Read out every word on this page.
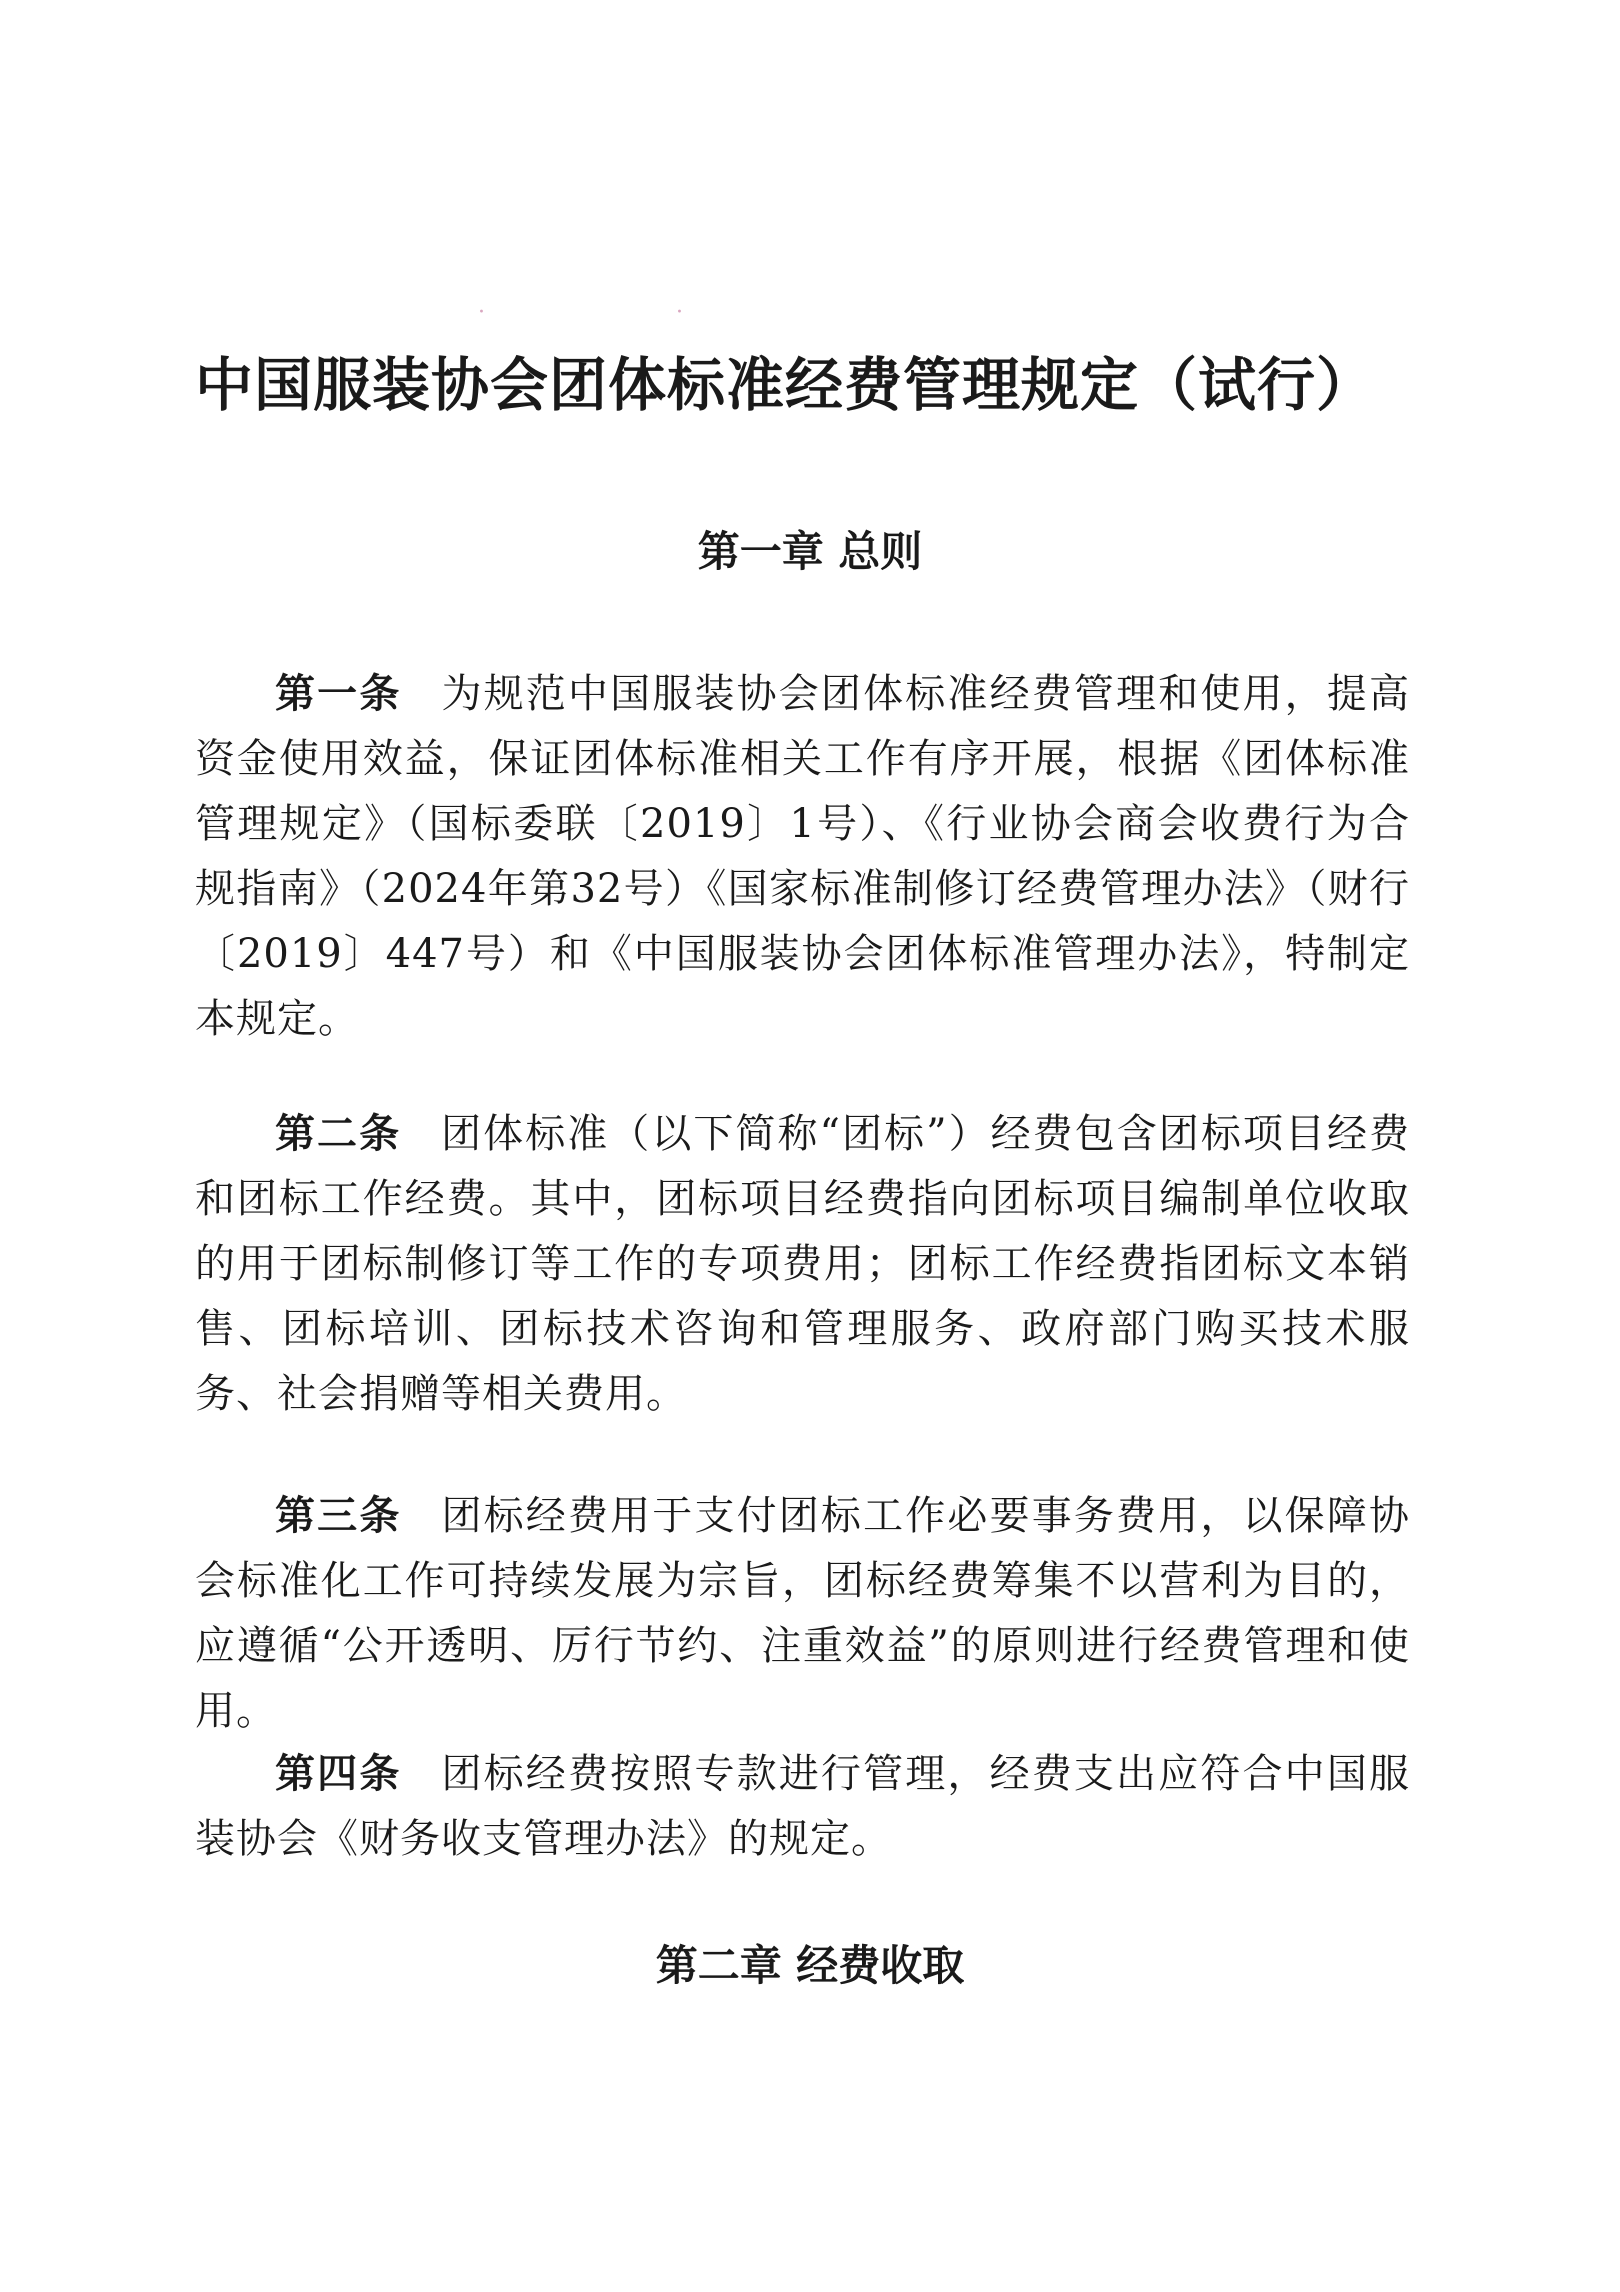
·	·
中国服装协会团体标准经费管理规定（试行）
第一章 总则

第一条 为规范中国服装协会团体标准经费管理和使用，提高资金使用效益，保证团体标准相关工作有序开展，根据《团体标准管理规定》（国标委联〔2019〕1号）、《行业协会商会收费行为合规指南》（2024年第32号）《国家标准制修订经费管理办法》（财行〔2019〕447号）和《中国服装协会团体标准管理办法》，特制定本规定。

第二条 团体标准（以下简称“团标”）经费包含团标项目经费和团标工作经费。其中，团标项目经费指向团标项目编制单位收取的用于团标制修订等工作的专项费用；团标工作经费指团标文本销售、团标培训、团标技术咨询和管理服务、政府部门购买技术服务、社会捐赠等相关费用。

第三条 团标经费用于支付团标工作必要事务费用，以保障协会标准化工作可持续发展为宗旨，团标经费筹集不以营利为目的，应遵循“公开透明、厉行节约、注重效益”的原则进行经费管理和使用。

第四条 团标经费按照专款进行管理，经费支出应符合中国服装协会《财务收支管理办法》的规定。

第二章 经费收取
